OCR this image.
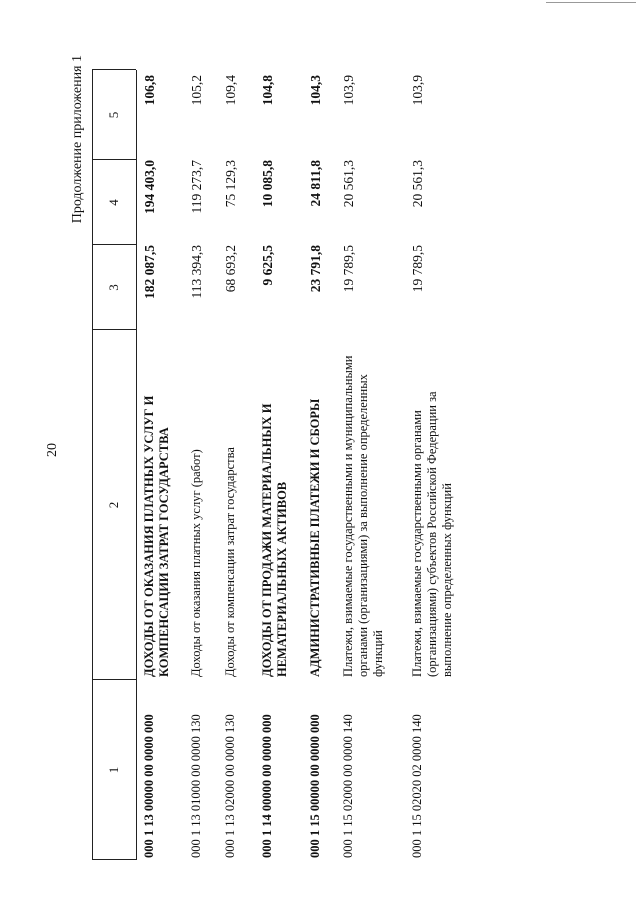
20
Продолжение приложения 1
1
2
3
4
5
000 1 13 00000 00 0000 000
ДОХОДЫ ОТ ОКАЗАНИЯ ПЛАТНЫХ УСЛУГ И КОМПЕНСАЦИИ ЗАТРАТ ГОСУДАРСТВА
182 087,5
194 403,0
106,8
000 1 13 01000 00 0000 130
Доходы от оказания платных услуг (работ)
113 394,3
119 273,7
105,2
000 1 13 02000 00 0000 130
Доходы от компенсации затрат государства
68 693,2
75 129,3
109,4
000 1 14 00000 00 0000 000
ДОХОДЫ ОТ ПРОДАЖИ МАТЕРИАЛЬНЫХ И НЕМАТЕРИАЛЬНЫХ АКТИВОВ
9 625,5
10 085,8
104,8
000 1 15 00000 00 0000 000
АДМИНИСТРАТИВНЫЕ ПЛАТЕЖИ И СБОРЫ
23 791,8
24 811,8
104,3
000 1 15 02000 00 0000 140
Платежи, взимаемые государственными и муниципальными органами (организациями) за выполнение определенных функций
19 789,5
20 561,3
103,9
000 1 15 02020 02 0000 140
Платежи, взимаемые государственными органами (организациями) субъектов Российской Федерации за выполнение определенных функций
19 789,5
20 561,3
103,9
